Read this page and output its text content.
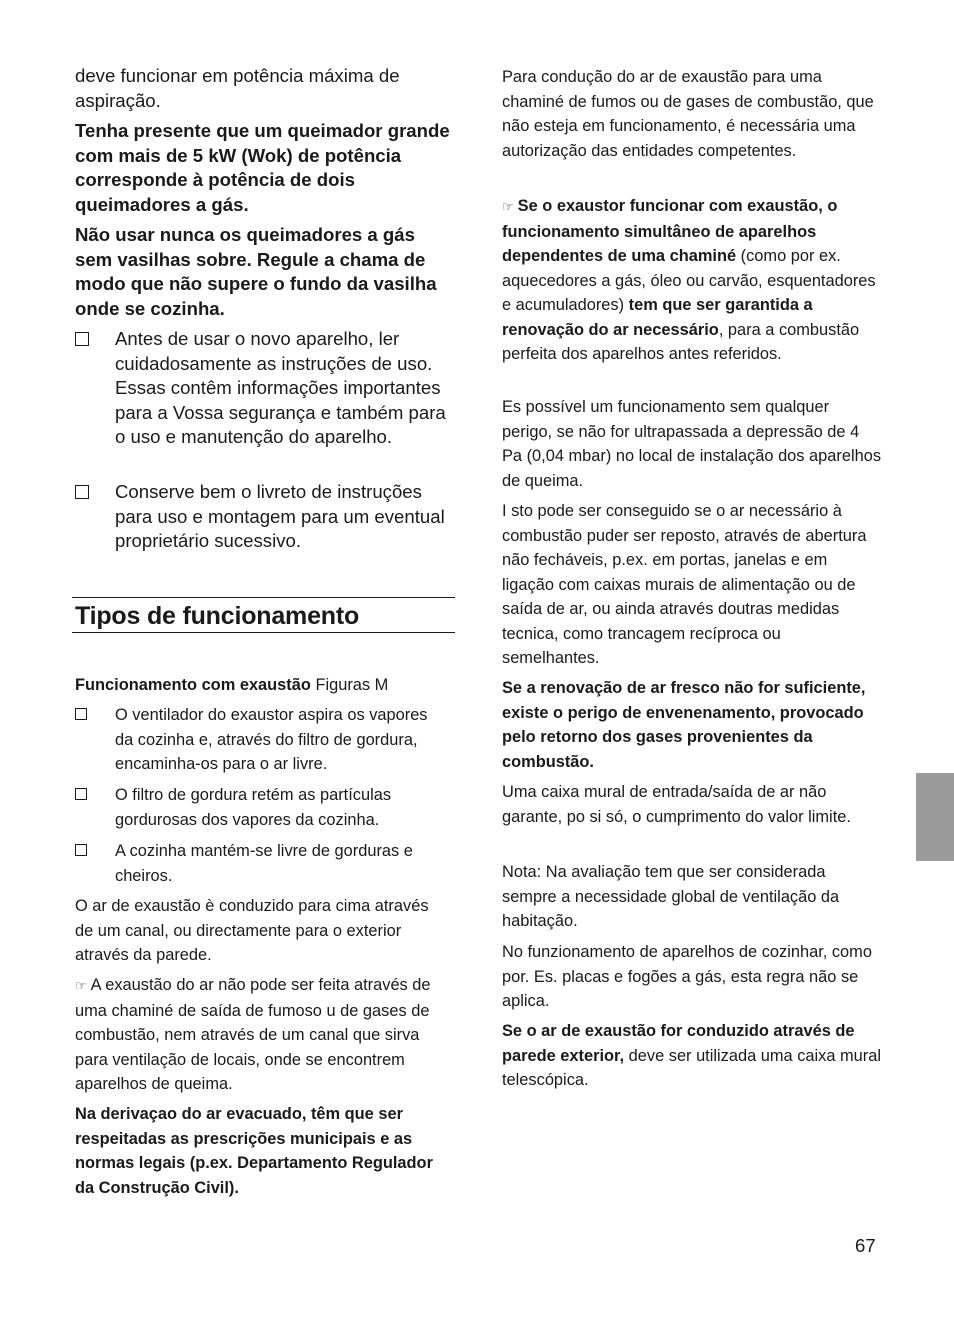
deve funcionar em potência máxima de aspiração.

Tenha presente que um queimador grande com mais de 5 kW (Wok) de potência corresponde à potência de dois queimadores a gás.

Não usar nunca os queimadores a gás sem vasilhas sobre. Regule a chama de modo que não supere o fundo da vasilha onde se cozinha.

Antes de usar o novo aparelho, ler cuidadosamente as instruções de uso. Essas contêm informações importantes para a Vossa segurança e também para o uso e manutenção do aparelho.

Conserve bem o livreto de instruções para uso e montagem para um eventual proprietário sucessivo.

Tipos de funcionamento

Funcionamento com exaustão Figuras M

O ventilador do exaustor aspira os vapores da cozinha e, através do filtro de gordura, encaminha-os para o ar livre.

O filtro de gordura retém as partículas gordurosas dos vapores da cozinha.

A cozinha mantém-se livre de gorduras e cheiros.

O ar de exaustão è conduzido para cima através de um canal, ou directamente para o exterior através da parede.

☞ A exaustão do ar não pode ser feita através de uma chaminé de saída de fumoso u de gases de combustão, nem através de um canal que sirva para ventilação de locais, onde se encontrem aparelhos de queima.

Na derivaçao do ar evacuado, têm que ser respeitadas as prescrições municipais e as normas legais (p.ex. Departamento Regulador da Construção Civil).

Para condução do ar de exaustão para uma chaminé de fumos ou de gases de combustão, que não esteja em funcionamento, é necessária uma autorização das entidades competentes.

☞ Se o exaustor funcionar com exaustão, o funcionamento simultâneo de aparelhos dependentes de uma chaminé (como por ex. aquecedores a gás, óleo ou carvão, esquentadores e acumuladores) tem que ser garantida a renovação do ar necessário, para a combustão perfeita dos aparelhos antes referidos.

Es possível um funcionamento sem qualquer perigo, se não for ultrapassada a depressão de 4 Pa (0,04 mbar) no local de instalação dos aparelhos de queima.

I sto pode ser conseguido se o ar necessário à combustão puder ser reposto, através de abertura não fecháveis, p.ex. em portas, janelas e em ligação com caixas murais de alimentação ou de saída de ar, ou ainda através doutras medidas tecnica, como trancagem recíproca ou semelhantes.

Se a renovação de ar fresco não for suficiente, existe o perigo de envenenamento, provocado pelo retorno dos gases provenientes da combustão.

Uma caixa mural de entrada/saída de ar não garante, po si só, o cumprimento do valor limite.

Nota: Na avaliação tem que ser considerada sempre a necessidade global de ventilação da habitação.

No funzionamento de aparelhos de cozinhar, como por. Es. placas e fogões a gás, esta regra não se aplica.

Se o ar de exaustão for conduzido através de parede exterior, deve ser utilizada uma caixa mural telescópica.

67
